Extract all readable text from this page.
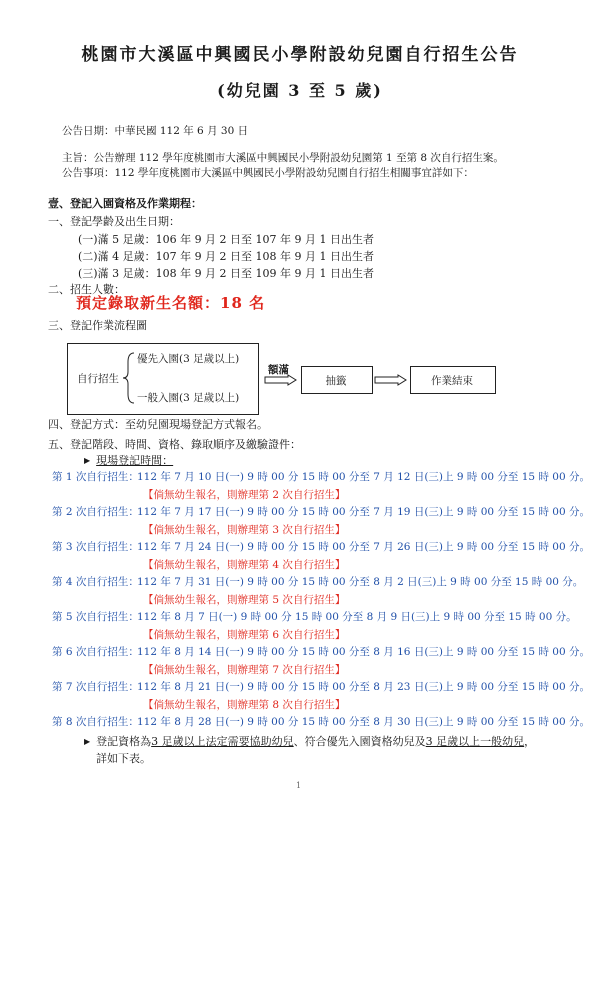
桃園市大溪區中興國民小學附設幼兒園自行招生公告
(幼兒園 3 至 5 歲)
公告日期：中華民國 112 年 6 月 30 日
主旨：公告辦理 112 學年度桃園市大溪區中興國民小學附設幼兒園第 1 至第 8 次自行招生案。
公告事項：112 學年度桃園市大溪區中興國民小學附設幼兒園自行招生相關事宜詳如下：
壹、登記入園資格及作業期程：
一、登記學齡及出生日期：
(一)滿 5 足歲：106 年 9 月 2 日至 107 年 9 月 1 日出生者
(二)滿 4 足歲：107 年 9 月 2 日至 108 年 9 月 1 日出生者
(三)滿 3 足歲：108 年 9 月 2 日至 109 年 9 月 1 日出生者
二、招生人數：
預定錄取新生名額：18 名
三、登記作業流程圖
自行招生
優先入園(3 足歲以上)
一般入園(3 足歲以上)
額滿
抽籤	作業結束
四、登記方式：至幼兒園現場登記方式報名。
五、登記階段、時間、資格、錄取順序及繳驗證件：
▶ 現場登記時間：
第 1 次自行招生：
112 年 7 月 10 日(一) 9 時 00 分 15 時 00 分至 7 月 12 日(三)上 9 時 00 分至 15 時 00 分。
【倘無幼生報名，則辦理第 2 次自行招生】
第 2 次自行招生：
112 年 7 月 17 日(一) 9 時 00 分 15 時 00 分至 7 月 19 日(三)上 9 時 00 分至 15 時 00 分。
【倘無幼生報名，則辦理第 3 次自行招生】
第 3 次自行招生：
112 年 7 月 24 日(一) 9 時 00 分 15 時 00 分至 7 月 26 日(三)上 9 時 00 分至 15 時 00 分。
【倘無幼生報名，則辦理第 4 次自行招生】
第 4 次自行招生：
112 年 7 月 31 日(一) 9 時 00 分 15 時 00 分至 8 月 2 日(三)上 9 時 00 分至 15 時 00 分。
【倘無幼生報名，則辦理第 5 次自行招生】
第 5 次自行招生：
112 年 8 月 7 日(一) 9 時 00 分 15 時 00 分至 8 月 9 日(三)上 9 時 00 分至 15 時 00 分。
【倘無幼生報名，則辦理第 6 次自行招生】
第 6 次自行招生：
112 年 8 月 14 日(一) 9 時 00 分 15 時 00 分至 8 月 16 日(三)上 9 時 00 分至 15 時 00 分。
【倘無幼生報名，則辦理第 7 次自行招生】
第 7 次自行招生：
112 年 8 月 21 日(一) 9 時 00 分 15 時 00 分至 8 月 23 日(三)上 9 時 00 分至 15 時 00 分。
【倘無幼生報名，則辦理第 8 次自行招生】
第 8 次自行招生：
112 年 8 月 28 日(一) 9 時 00 分 15 時 00 分至 8 月 30 日(三)上 9 時 00 分至 15 時 00 分。
▶ 登記資格為3 足歲以上法定需要協助幼兒、符合優先入園資格幼兒及3 足歲以上一般幼兒，
詳如下表。
1
